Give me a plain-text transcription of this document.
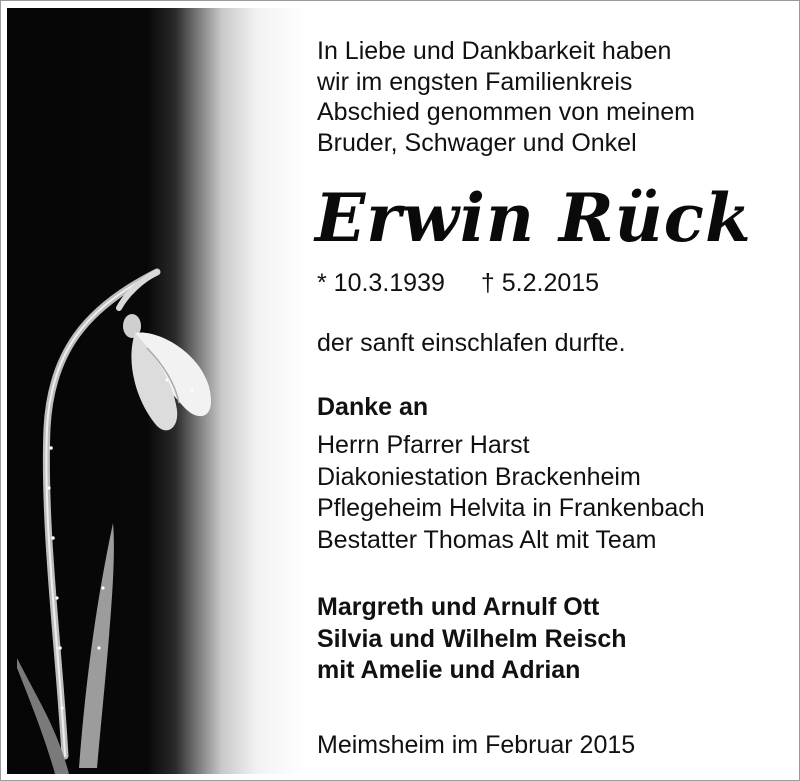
In Liebe und Dankbarkeit haben
wir im engsten Familienkreis
Abschied genommen von meinem
Bruder, Schwager und Onkel
Erwin Rück
* 10.3.1939 † 5.2.2015
der sanft einschlafen durfte.
Danke an
Herrn Pfarrer Harst
Diakoniestation Brackenheim
Pflegeheim Helvita in Frankenbach
Bestatter Thomas Alt mit Team
Margreth und Arnulf Ott
Silvia und Wilhelm Reisch
mit Amelie und Adrian
Meimsheim im Februar 2015
